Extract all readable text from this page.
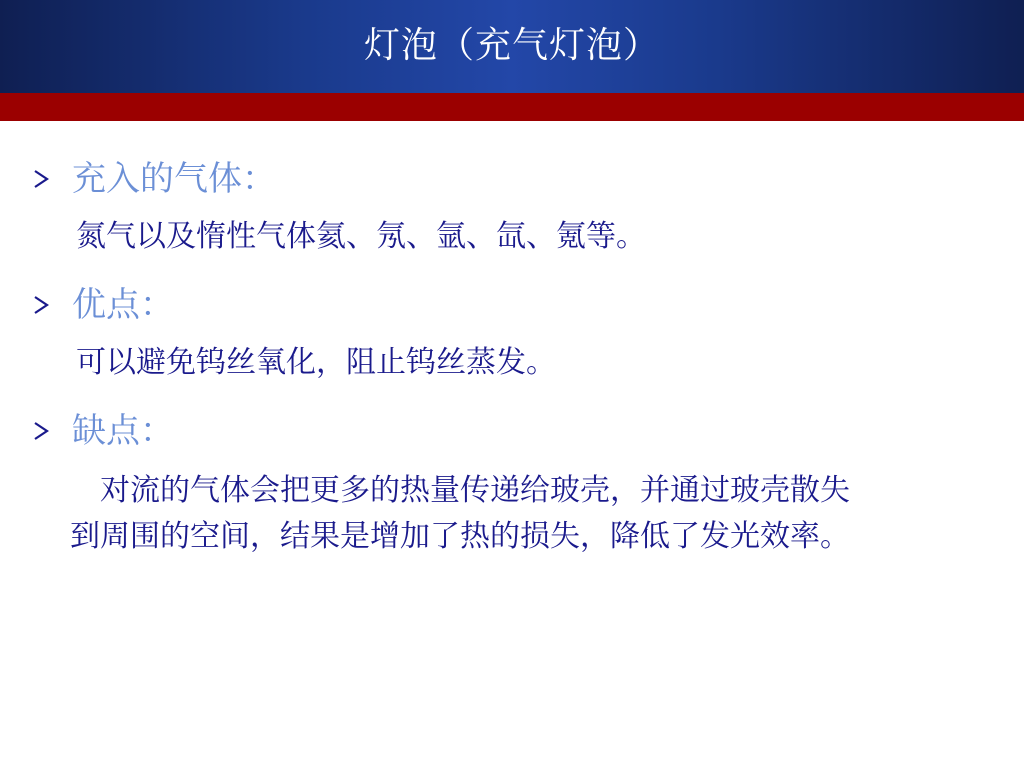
灯泡（充气灯泡）
充入的气体：
氮气以及惰性气体氦、氖、氩、氙、氪等。
优点：
可以避免钨丝氧化，阻止钨丝蒸发。
缺点：
对流的气体会把更多的热量传递给玻壳，并通过玻壳散失到周围的空间，结果是增加了热的损失，降低了发光效率。
